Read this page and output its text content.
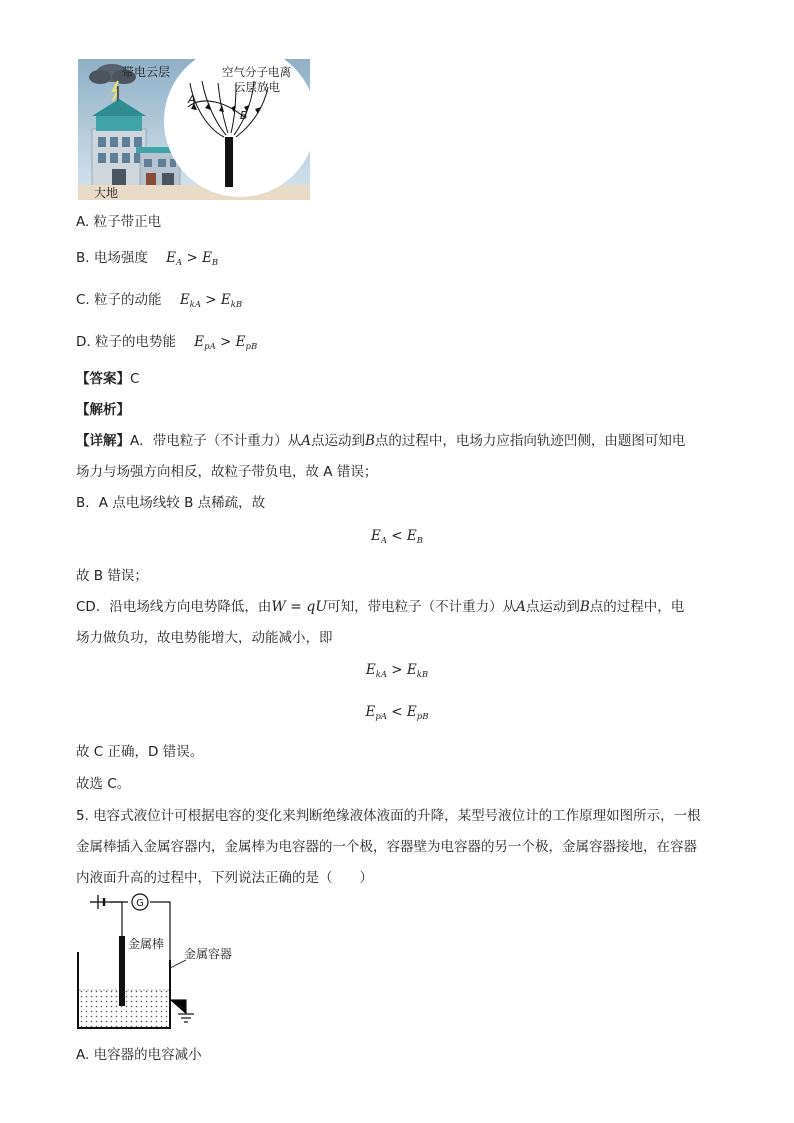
带电云层
大地
A
B
空气分子电离
云层放电
A. 粒子带正电
B. 电场强度 $E_A > E_B$
C. 粒子的动能 $E_{kA} > E_{kB}$
D. 粒子的电势能 $E_{pA} > E_{pB}$
【答案】C
【解析】
【详解】A．带电粒子（不计重力）从A点运动到B点的过程中，电场力应指向轨迹凹侧，由题图可知电
场力与场强方向相反，故粒子带负电，故 A 错误；
B．A 点电场线较 B 点稀疏，故
$E_A < E_B$
故 B 错误；
CD．沿电场线方向电势降低，由W = qU可知，带电粒子（不计重力）从A点运动到B点的过程中，电
场力做负功，故电势能增大，动能减小，即
$E_{kA} > E_{kB}$
$E_{pA} < E_{pB}$
故 C 正确，D 错误。
故选 C。
5. 电容式液位计可根据电容的变化来判断绝缘液体液面的升降，某型号液位计的工作原理如图所示，一根
金属棒插入金属容器内，金属棒为电容器的一个极，容器壁为电容器的另一个极，金属容器接地，在容器
内液面升高的过程中，下列说法正确的是（　　）
G
金属棒
金属容器
A. 电容器的电容减小
